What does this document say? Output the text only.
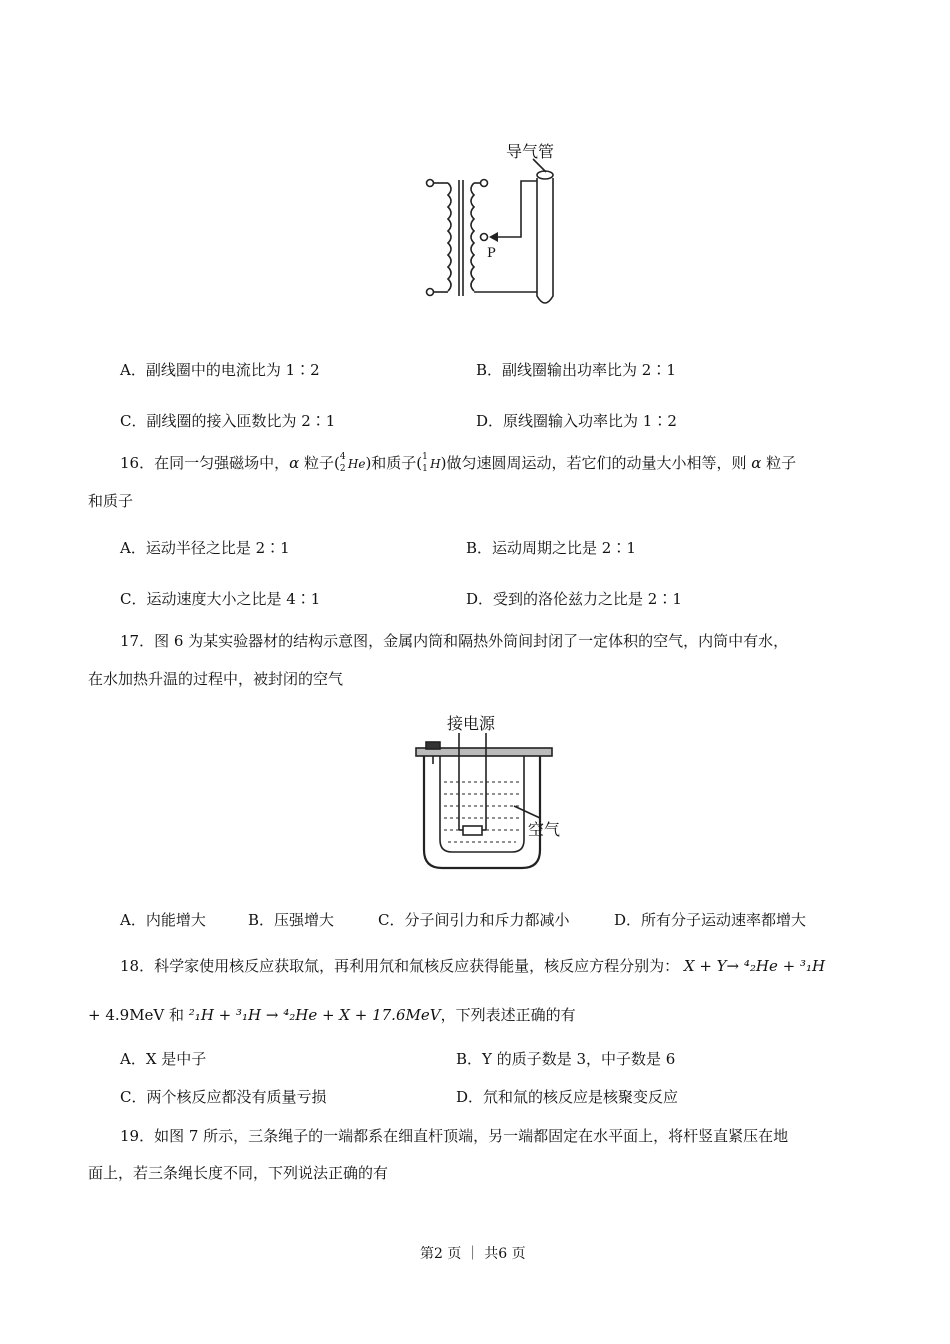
导气管
P
A．副线圈中的电流比为 1∶2	B．副线圈输出功率比为 2∶1
C．副线圈的接入匝数比为 2∶1	D．原线圈输入功率比为 1∶2
16．在同一匀强磁场中，α 粒子( 4
2 He)和质子( 1
1 H)做匀速圆周运动，若它们的动量大小相等，则 α 粒子
和质子
A．运动半径之比是 2∶1	B．运动周期之比是 2∶1
C．运动速度大小之比是 4∶1	D．受到的洛伦兹力之比是 2∶1
17．图 6 为某实验器材的结构示意图，金属内筒和隔热外筒间封闭了一定体积的空气，内筒中有水，
在水加热升温的过程中，被封闭的空气
接电源
空气
A．内能增大	B．压强增大	C．分子间引力和斥力都减小	D．所有分子运动速率都增大
18．科学家使用核反应获取氚，再利用氘和氚核反应获得能量，核反应方程分别为： X + Y→ ⁴₂He + ³₁H
+ 4.9MeV 和 ²₁H + ³₁H → ⁴₂He + X + 17.6MeV，下列表述正确的有
A．X 是中子	B．Y 的质子数是 3，中子数是 6
C．两个核反应都没有质量亏损	D．氘和氚的核反应是核聚变反应
19．如图 7 所示，三条绳子的一端都系在细直杆顶端，另一端都固定在水平面上，将杆竖直紧压在地
面上，若三条绳长度不同，下列说法正确的有
第2 页 ｜ 共6 页
